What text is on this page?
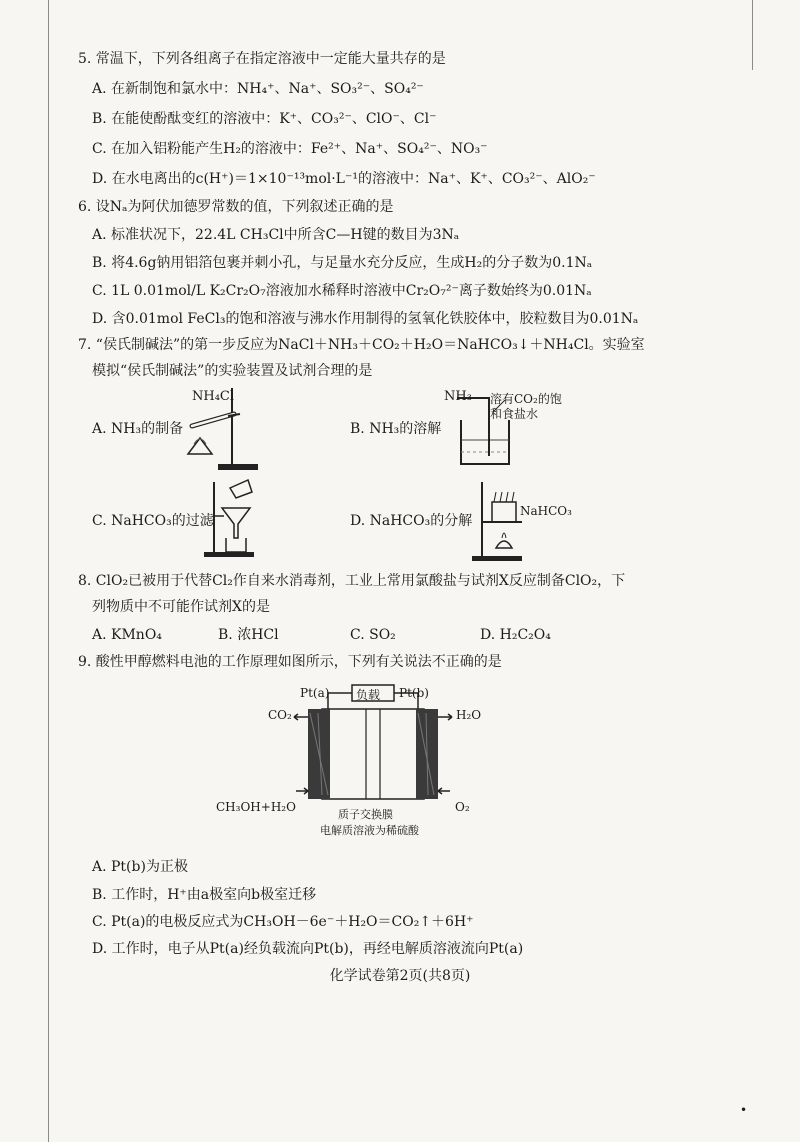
5. 常温下，下列各组离子在指定溶液中一定能大量共存的是
A. 在新制饱和氯水中：NH₄⁺、Na⁺、SO₃²⁻、SO₄²⁻
B. 在能使酚酞变红的溶液中：K⁺、CO₃²⁻、ClO⁻、Cl⁻
C. 在加入铝粉能产生H₂的溶液中：Fe²⁺、Na⁺、SO₄²⁻、NO₃⁻
D. 在水电离出的c(H⁺)＝1×10⁻¹³mol·L⁻¹的溶液中：Na⁺、K⁺、CO₃²⁻、AlO₂⁻
6. 设Nₐ为阿伏加德罗常数的值，下列叙述正确的是
A. 标准状况下，22.4L CH₃Cl中所含C—H键的数目为3Nₐ
B. 将4.6g钠用铝箔包裹并刺小孔，与足量水充分反应，生成H₂的分子数为0.1Nₐ
C. 1L 0.01mol/L K₂Cr₂O₇溶液加水稀释时溶液中Cr₂O₇²⁻离子数始终为0.01Nₐ
D. 含0.01mol FeCl₃的饱和溶液与沸水作用制得的氢氧化铁胶体中，胶粒数目为0.01Nₐ
7. “侯氏制碱法”的第一步反应为NaCl＋NH₃＋CO₂＋H₂O＝NaHCO₃↓＋NH₄Cl。实验室
模拟“侯氏制碱法”的实验装置及试剂合理的是
A. NH₃的制备	B. NH₃的溶解
C. NaHCO₃的过滤	D. NaHCO₃的分解
NH₄Cl	NH₃ 溶有CO₂的饱
和食盐水
NaHCO₃
8. ClO₂已被用于代替Cl₂作自来水消毒剂，工业上常用氯酸盐与试剂X反应制备ClO₂，下
列物质中不可能作试剂X的是
A. KMnO₄	B. 浓HCl	C. SO₂	D. H₂C₂O₄
9. 酸性甲醇燃料电池的工作原理如图所示，下列有关说法不正确的是
Pt(a)	Pt(b)
负载
CO₂	H₂O
CH₃OH+H₂O	O₂
质子交换膜
电解质溶液为稀硫酸
A. Pt(b)为正极
B. 工作时，H⁺由a极室向b极室迁移
C. Pt(a)的电极反应式为CH₃OH－6e⁻＋H₂O＝CO₂↑＋6H⁺
D. 工作时，电子从Pt(a)经负载流向Pt(b)，再经电解质溶液流向Pt(a)
化学试卷第2页(共8页)
•
